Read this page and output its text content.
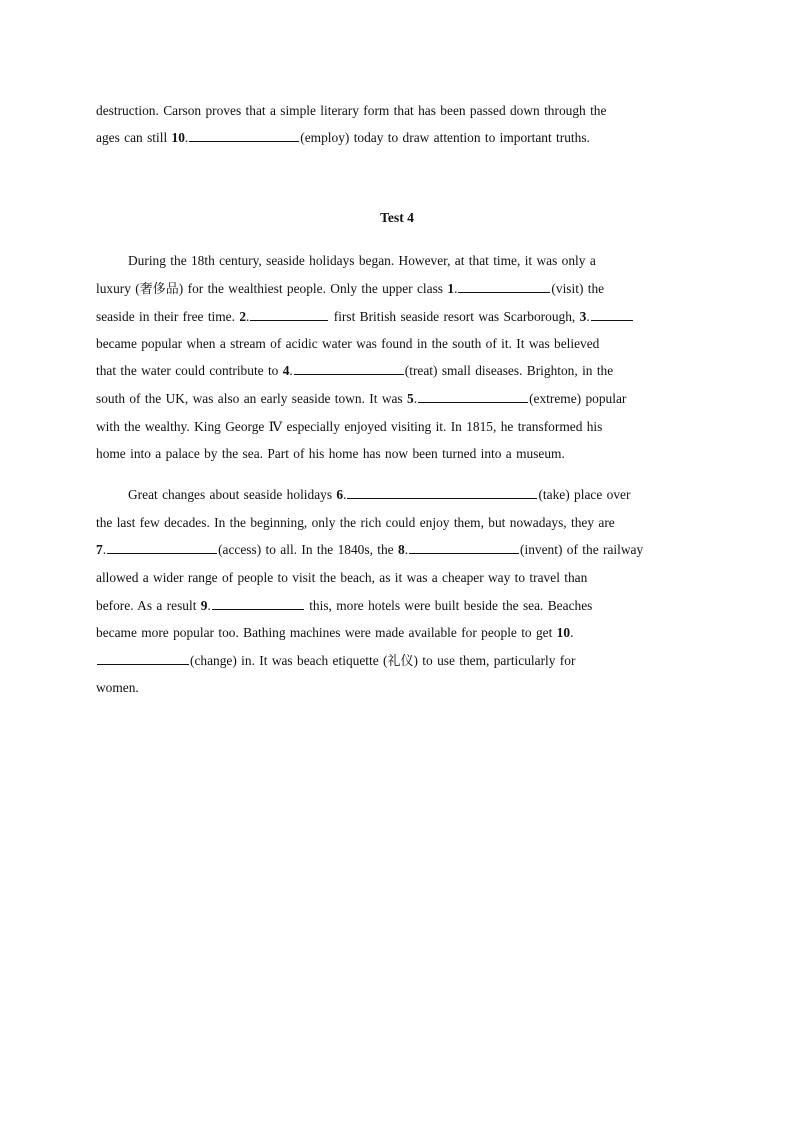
destruction. Carson proves that a simple literary form that has been passed down through the
ages can still 10.	(employ) today to draw attention to important truths.
Test 4
During the 18th century, seaside holidays began. However, at that time, it was only a
luxury (奢侈品) for the wealthiest people. Only the upper class 1.	(visit) the
seaside in their free time. 2.	first British seaside resort was Scarborough, 3.
became popular when a stream of acidic water was found in the south of it. It was believed
that the water could contribute to 4.	(treat) small diseases. Brighton, in the
south of the UK, was also an early seaside town. It was 5.	(extreme) popular
with the wealthy. King George Ⅳ especially enjoyed visiting it. In 1815, he transformed his
home into a palace by the sea. Part of his home has now been turned into a museum.
Great changes about seaside holidays 6.	(take) place over
the last few decades. In the beginning, only the rich could enjoy them, but nowadays, they are
7.	(access) to all. In the 1840s, the 8.	(invent) of the railway
allowed a wider range of people to visit the beach, as it was a cheaper way to travel than
before. As a result 9.	this, more hotels were built beside the sea. Beaches
became more popular too. Bathing machines were made available for people to get 10.
(change) in. It was beach etiquette (礼仪) to use them, particularly for
women.
